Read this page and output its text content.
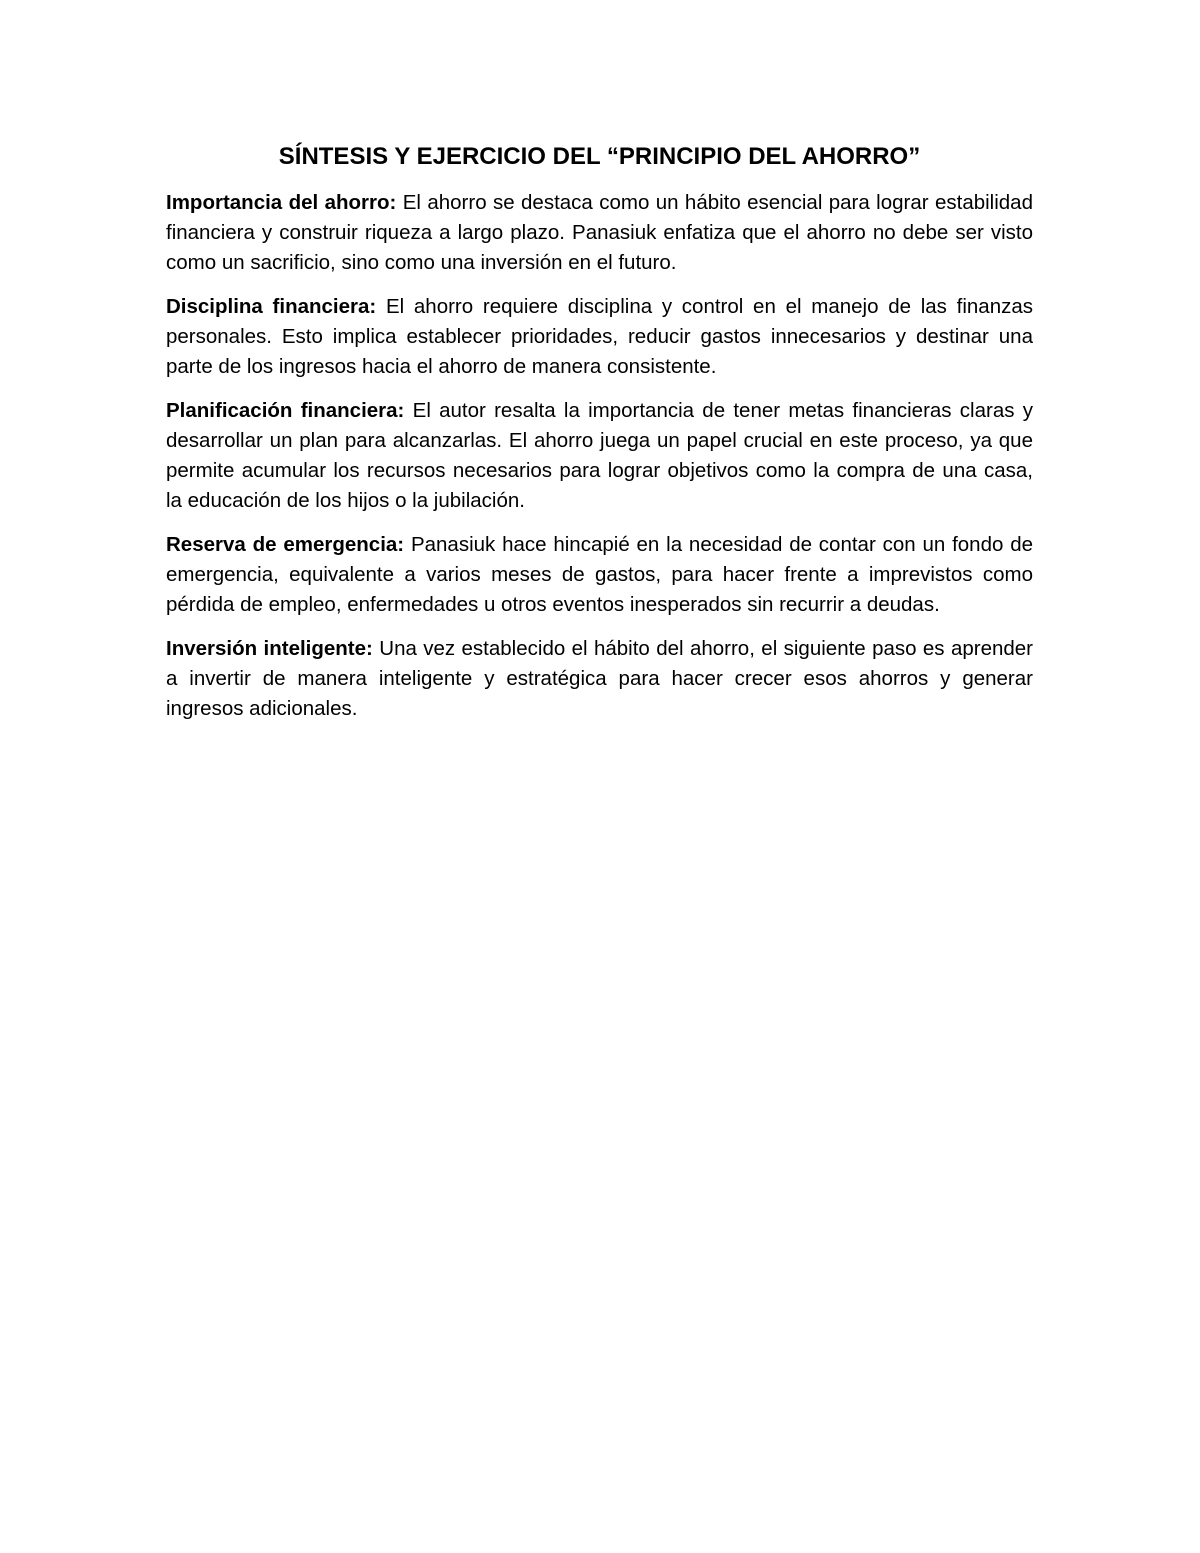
SÍNTESIS Y EJERCICIO DEL “PRINCIPIO DEL AHORRO”

Importancia del ahorro: El ahorro se destaca como un hábito esencial para lograr estabilidad financiera y construir riqueza a largo plazo. Panasiuk enfatiza que el ahorro no debe ser visto como un sacrificio, sino como una inversión en el futuro.

Disciplina financiera: El ahorro requiere disciplina y control en el manejo de las finanzas personales. Esto implica establecer prioridades, reducir gastos innecesarios y destinar una parte de los ingresos hacia el ahorro de manera consistente.

Planificación financiera: El autor resalta la importancia de tener metas financieras claras y desarrollar un plan para alcanzarlas. El ahorro juega un papel crucial en este proceso, ya que permite acumular los recursos necesarios para lograr objetivos como la compra de una casa, la educación de los hijos o la jubilación.

Reserva de emergencia: Panasiuk hace hincapié en la necesidad de contar con un fondo de emergencia, equivalente a varios meses de gastos, para hacer frente a imprevistos como pérdida de empleo, enfermedades u otros eventos inesperados sin recurrir a deudas.

Inversión inteligente: Una vez establecido el hábito del ahorro, el siguiente paso es aprender a invertir de manera inteligente y estratégica para hacer crecer esos ahorros y generar ingresos adicionales.
